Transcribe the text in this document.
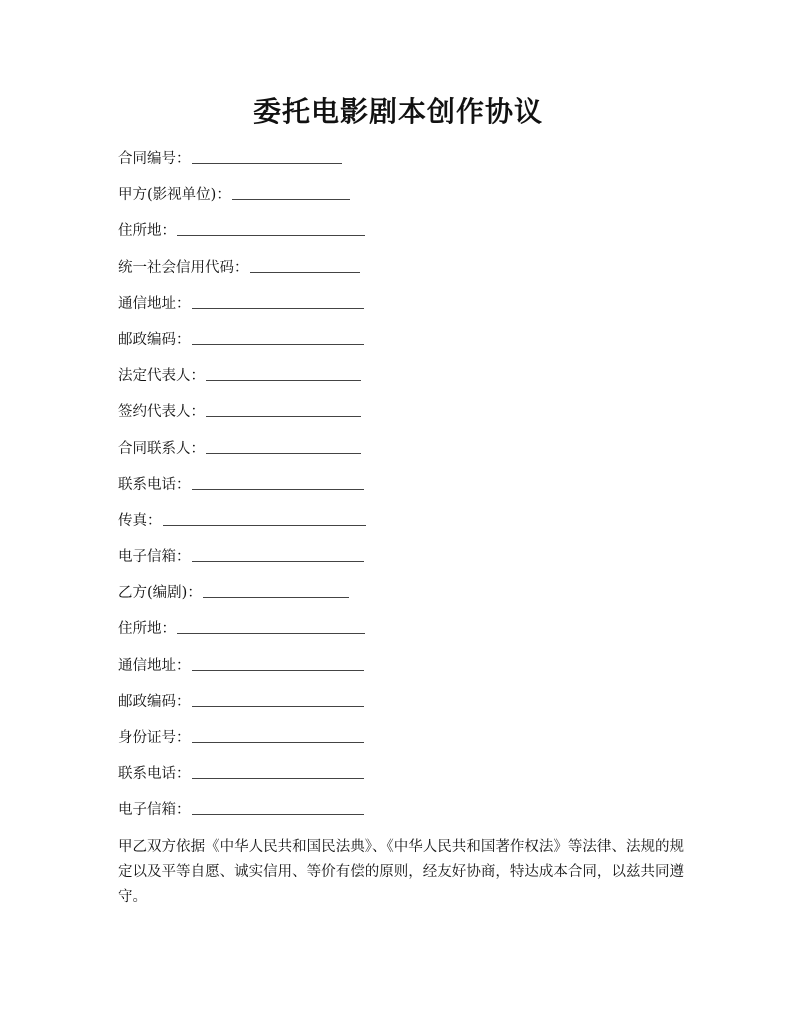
委托电影剧本创作协议
合同编号：
甲方(影视单位)：
住所地：
统一社会信用代码：
通信地址：
邮政编码：
法定代表人：
签约代表人：
合同联系人：
联系电话：
传真：
电子信箱：
乙方(编剧)：
住所地：
通信地址：
邮政编码：
身份证号：
联系电话：
电子信箱：
甲乙双方依据《中华人民共和国民法典》、《中华人民共和国著作权法》等法律、法规的规定以及平等自愿、诚实信用、等价有偿的原则，经友好协商，特达成本合同，以兹共同遵守。
